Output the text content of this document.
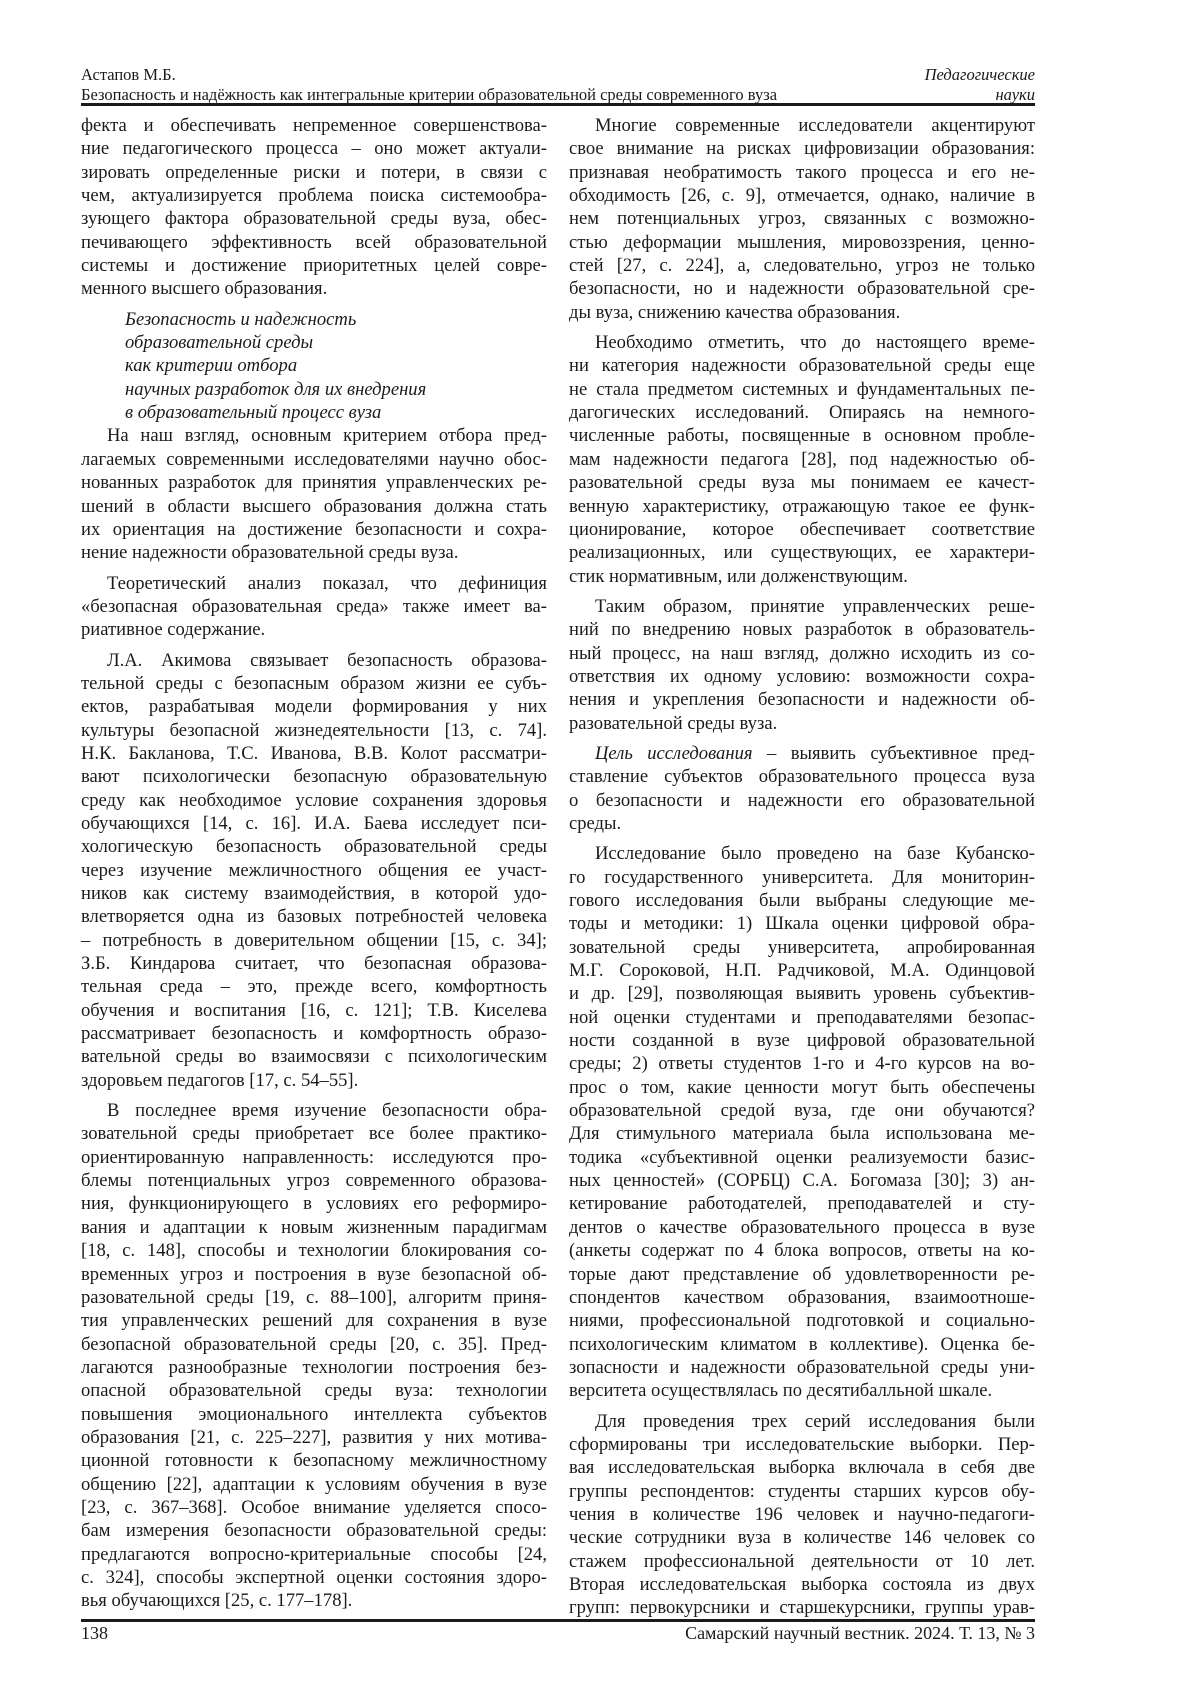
Астапов М.Б.	Педагогические
Безопасность и надёжность как интегральные критерии образовательной среды современного вуза	науки
фекта и обеспечивать непременное совершенствова-
ние педагогического процесса – оно может актуали-
зировать определенные риски и потери, в связи с
чем, актуализируется проблема поиска системообра-
зующего фактора образовательной среды вуза, обес-
печивающего эффективность всей образовательной
системы и достижение приоритетных целей совре-
менного высшего образования.
Безопасность и надежность
образовательной среды
как критерии отбора
научных разработок для их внедрения
в образовательный процесс вуза
На наш взгляд, основным критерием отбора пред-
лагаемых современными исследователями научно обос-
нованных разработок для принятия управленческих ре-
шений в области высшего образования должна стать
их ориентация на достижение безопасности и сохра-
нение надежности образовательной среды вуза.
Теоретический анализ показал, что дефиниция
«безопасная образовательная среда» также имеет ва-
риативное содержание.
Л.А. Акимова связывает безопасность образова-
тельной среды с безопасным образом жизни ее субъ-
ектов, разрабатывая модели формирования у них
культуры безопасной жизнедеятельности [13, с. 74].
Н.К. Бакланова, Т.С. Иванова, В.В. Колот рассматри-
вают психологически безопасную образовательную
среду как необходимое условие сохранения здоровья
обучающихся [14, с. 16]. И.А. Баева исследует пси-
хологическую безопасность образовательной среды
через изучение межличностного общения ее участ-
ников как систему взаимодействия, в которой удо-
влетворяется одна из базовых потребностей человека
– потребность в доверительном общении [15, с. 34];
З.Б. Киндарова считает, что безопасная образова-
тельная среда – это, прежде всего, комфортность
обучения и воспитания [16, с. 121]; Т.В. Киселева
рассматривает безопасность и комфортность образо-
вательной среды во взаимосвязи с психологическим
здоровьем педагогов [17, с. 54–55].
В последнее время изучение безопасности обра-
зовательной среды приобретает все более практико-
ориентированную направленность: исследуются про-
блемы потенциальных угроз современного образова-
ния, функционирующего в условиях его реформиро-
вания и адаптации к новым жизненным парадигмам
[18, с. 148], способы и технологии блокирования со-
временных угроз и построения в вузе безопасной об-
разовательной среды [19, с. 88–100], алгоритм приня-
тия управленческих решений для сохранения в вузе
безопасной образовательной среды [20, с. 35]. Пред-
лагаются разнообразные технологии построения без-
опасной образовательной среды вуза: технологии
повышения эмоционального интеллекта субъектов
образования [21, с. 225–227], развития у них мотива-
ционной готовности к безопасному межличностному
общению [22], адаптации к условиям обучения в вузе
[23, с. 367–368]. Особое внимание уделяется спосо-
бам измерения безопасности образовательной среды:
предлагаются вопросно-критериальные способы [24,
с. 324], способы экспертной оценки состояния здоро-
вья обучающихся [25, с. 177–178].
Многие современные исследователи акцентируют
свое внимание на рисках цифровизации образования:
признавая необратимость такого процесса и его не-
обходимость [26, с. 9], отмечается, однако, наличие в
нем потенциальных угроз, связанных с возможно-
стью деформации мышления, мировоззрения, ценно-
стей [27, с. 224], а, следовательно, угроз не только
безопасности, но и надежности образовательной сре-
ды вуза, снижению качества образования.
Необходимо отметить, что до настоящего време-
ни категория надежности образовательной среды еще
не стала предметом системных и фундаментальных пе-
дагогических исследований. Опираясь на немного-
численные работы, посвященные в основном пробле-
мам надежности педагога [28], под надежностью об-
разовательной среды вуза мы понимаем ее качест-
венную характеристику, отражающую такое ее функ-
ционирование, которое обеспечивает соответствие
реализационных, или существующих, ее характери-
стик нормативным, или долженствующим.
Таким образом, принятие управленческих реше-
ний по внедрению новых разработок в образователь-
ный процесс, на наш взгляд, должно исходить из со-
ответствия их одному условию: возможности сохра-
нения и укрепления безопасности и надежности об-
разовательной среды вуза.
Цель исследования – выявить субъективное пред-
ставление субъектов образовательного процесса вуза
о безопасности и надежности его образовательной
среды.
Исследование было проведено на базе Кубанско-
го государственного университета. Для мониторин-
гового исследования были выбраны следующие ме-
тоды и методики: 1) Шкала оценки цифровой обра-
зовательной среды университета, апробированная
М.Г. Сороковой, Н.П. Радчиковой, М.А. Одинцовой
и др. [29], позволяющая выявить уровень субъектив-
ной оценки студентами и преподавателями безопас-
ности созданной в вузе цифровой образовательной
среды; 2) ответы студентов 1-го и 4-го курсов на во-
прос о том, какие ценности могут быть обеспечены
образовательной средой вуза, где они обучаются?
Для стимульного материала была использована ме-
тодика «субъективной оценки реализуемости базис-
ных ценностей» (СОРБЦ) С.А. Богомаза [30]; 3) ан-
кетирование работодателей, преподавателей и сту-
дентов о качестве образовательного процесса в вузе
(анкеты содержат по 4 блока вопросов, ответы на ко-
торые дают представление об удовлетворенности ре-
спондентов качеством образования, взаимоотноше-
ниями, профессиональной подготовкой и социально-
психологическим климатом в коллективе). Оценка бе-
зопасности и надежности образовательной среды уни-
верситета осуществлялась по десятибалльной шкале.
Для проведения трех серий исследования были
сформированы три исследовательские выборки. Пер-
вая исследовательская выборка включала в себя две
группы респондентов: студенты старших курсов обу-
чения в количестве 196 человек и научно-педагоги-
ческие сотрудники вуза в количестве 146 человек со
стажем профессиональной деятельности от 10 лет.
Вторая исследовательская выборка состояла из двух
групп: первокурсники и старшекурсники, группы урав-
138	Самарский научный вестник. 2024. Т. 13, № 3
